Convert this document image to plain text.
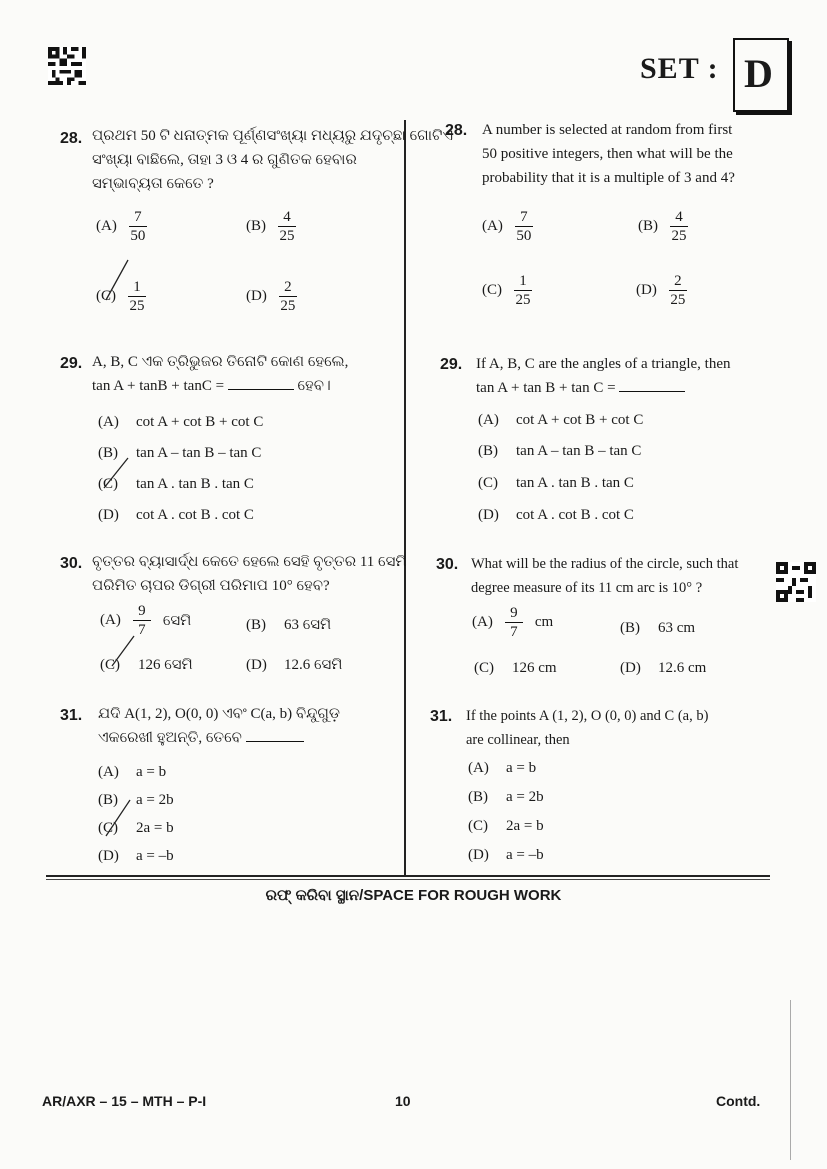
SET : D
28. ପ୍ରଥମ 50 ଟି ଧନାତ୍ମକ ପୂର୍ଣ୍ଣସଂଖ୍ୟା ମଧ୍ୟରୁ ଯଦୃଚ୍ଛା ଗୋଟିଏ
ସଂଖ୍ୟା ବାଛିଲେ, ତାହା 3 ଓ 4 ର ଗୁଣିତକ ହେବାର
ସମ୍ଭାବ୍ୟତା କେତେ ?
$(A) \frac{7}{50}$	$(B) \frac{4}{25}$
$(C) \frac{1}{25}$	$(D) \frac{2}{25}$
29. A, B, C ଏକ ତ୍ରିଭୁଜର ତିନୋଟି କୋଣ ହେଲେ,
tan A + tanB + tanC =	ହେବ।
(A) cot A + cot B + cot C
(B) tan A – tan B – tan C
(C) tan A . tan B . tan C
(D) cot A . cot B . cot C
30. ବୃତ୍ତର ବ୍ୟାସାର୍ଦ୍ଧ କେତେ ହେଲେ ସେହି ବୃତ୍ତର 11 ସେମି
ପରିମିତ ଚାପର ଡିଗ୍ରୀ ପରିମାପ 10° ହେବ?
$(A) \frac{9}{7}$ ସେମି	(B) 63 ସେମି
(C) 126 ସେମି	(D) 12.6 ସେମି
31. ଯଦି A(1, 2), O(0, 0) ଏବଂ C(a, b) ବିନ୍ଦୁଗୁଡ଼
ଏକରେଖୀ ହୁଅନ୍ତି, ତେବେ
(A) a = b
(B) a = 2b
(C) 2a = b
(D) a = –b
28. A number is selected at random from first
50 positive integers, then what will be the
probability that it is a multiple of 3 and 4?
$(A) \frac{7}{50}$	$(B) \frac{4}{25}$
$(C) \frac{1}{25}$	$(D) \frac{2}{25}$
29. If A, B, C are the angles of a triangle, then
tan A + tan B + tan C =
(A) cot A + cot B + cot C
(B) tan A – tan B – tan C
(C) tan A . tan B . tan C
(D) cot A . cot B . cot C
30. What will be the radius of the circle, such that
degree measure of its 11 cm arc is 10° ?
$(A) \frac{9}{7}$ cm	(B) 63 cm
(C) 126 cm	(D) 12.6 cm
31. If the points A (1, 2), O (0, 0) and C (a, b)
are collinear, then
(A) a = b
(B) a = 2b
(C) 2a = b
(D) a = –b
ରଫ୍ କରିବା ସ୍ଥାନ/SPACE FOR ROUGH WORK
AR/AXR – 15 – MTH – P-I	10	Contd.
